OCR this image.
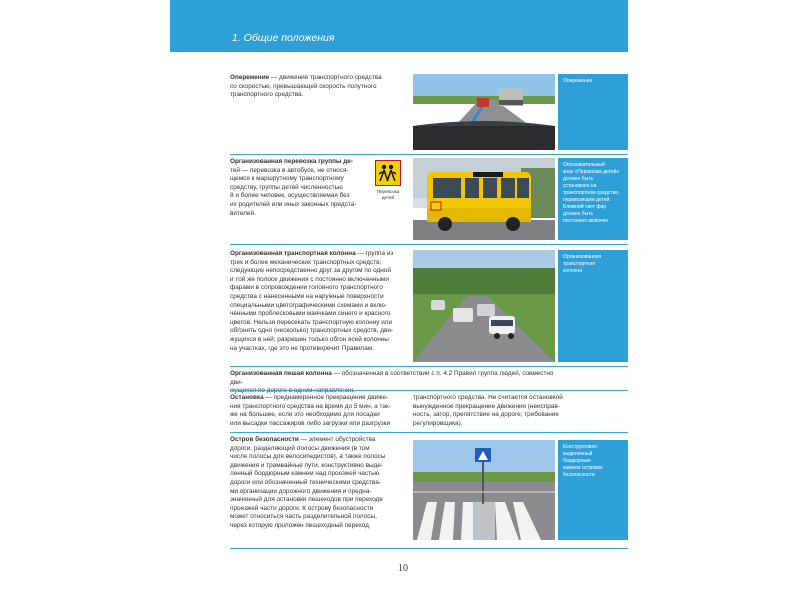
1. Общие положения
Опережение — движение транспортного средства
со скоростью, превышающей скорость попутного
транспортного средства.
Опережение
Организованная перевозка группы де-
тей — перевозка в автобусе, не относя-
щемся к маршрутному транспортному
средству, группы детей численностью
8 и более человек, осуществляемая без
их родителей или иных законных предста-
вителей.
Перевозка
детей
Опознавательный
знак «Перевозка детей»
должен быть
установлен на
транспортном средстве,
перевозящем детей.
Ближний свет фар
должен быть
постоянно включен
Организованная транспортная колонна — группа из
трех и более механических транспортных средств,
следующих непосредственно друг за другом по одной
и той же полосе движения с постоянно включенными
фарами в сопровождении головного транспортного
средства с нанесенными на наружные поверхности
специальными цветографическими схемами и вклю-
ченными проблесковыми маячками синего и красного
цветов. Нельзя пересекать транспортную колонну или
обгонять одно (несколько) транспортных средств, дви-
жущихся в ней; разрешен только обгон всей колонны
на участках, где это не противоречит Правилам.
Организованная
транспортная
колонна
Организованная пешая колонна — обозначенная в соответствии с п. 4.2 Правил группа людей, совместно дви-

Остановка — преднамеренное прекращение движе-
ния транспортного средства на время до 5 мин, а так-
же на большее, если это необходимо для посадки
или высадки пассажиров либо загрузки или разгрузки
транспортного средства. Не считается остановкой
вынужденное прекращение движения (неисправ-
ность, затор, препятствие на дороге; требование
регулировщика).
Остров безопасности — элемент обустройства
дороги, разделяющий полосы движения (в том
числе полосы для велосипедистов), а также полосы
движения и трамвайные пути, конструктивно выде-
ленный бордюрным камнем над проезжей частью
дороги или обозначенный техническими средства-
ми организации дорожного движения и предна-
значенный для остановки пешеходов при переходе
проезжей части дороги. К острову безопасности
может относиться часть разделительной полосы,
через которую проложен пешеходный переход.
Конструктивно
выделенный
бордюрным
камнем островок
безопасности
10
